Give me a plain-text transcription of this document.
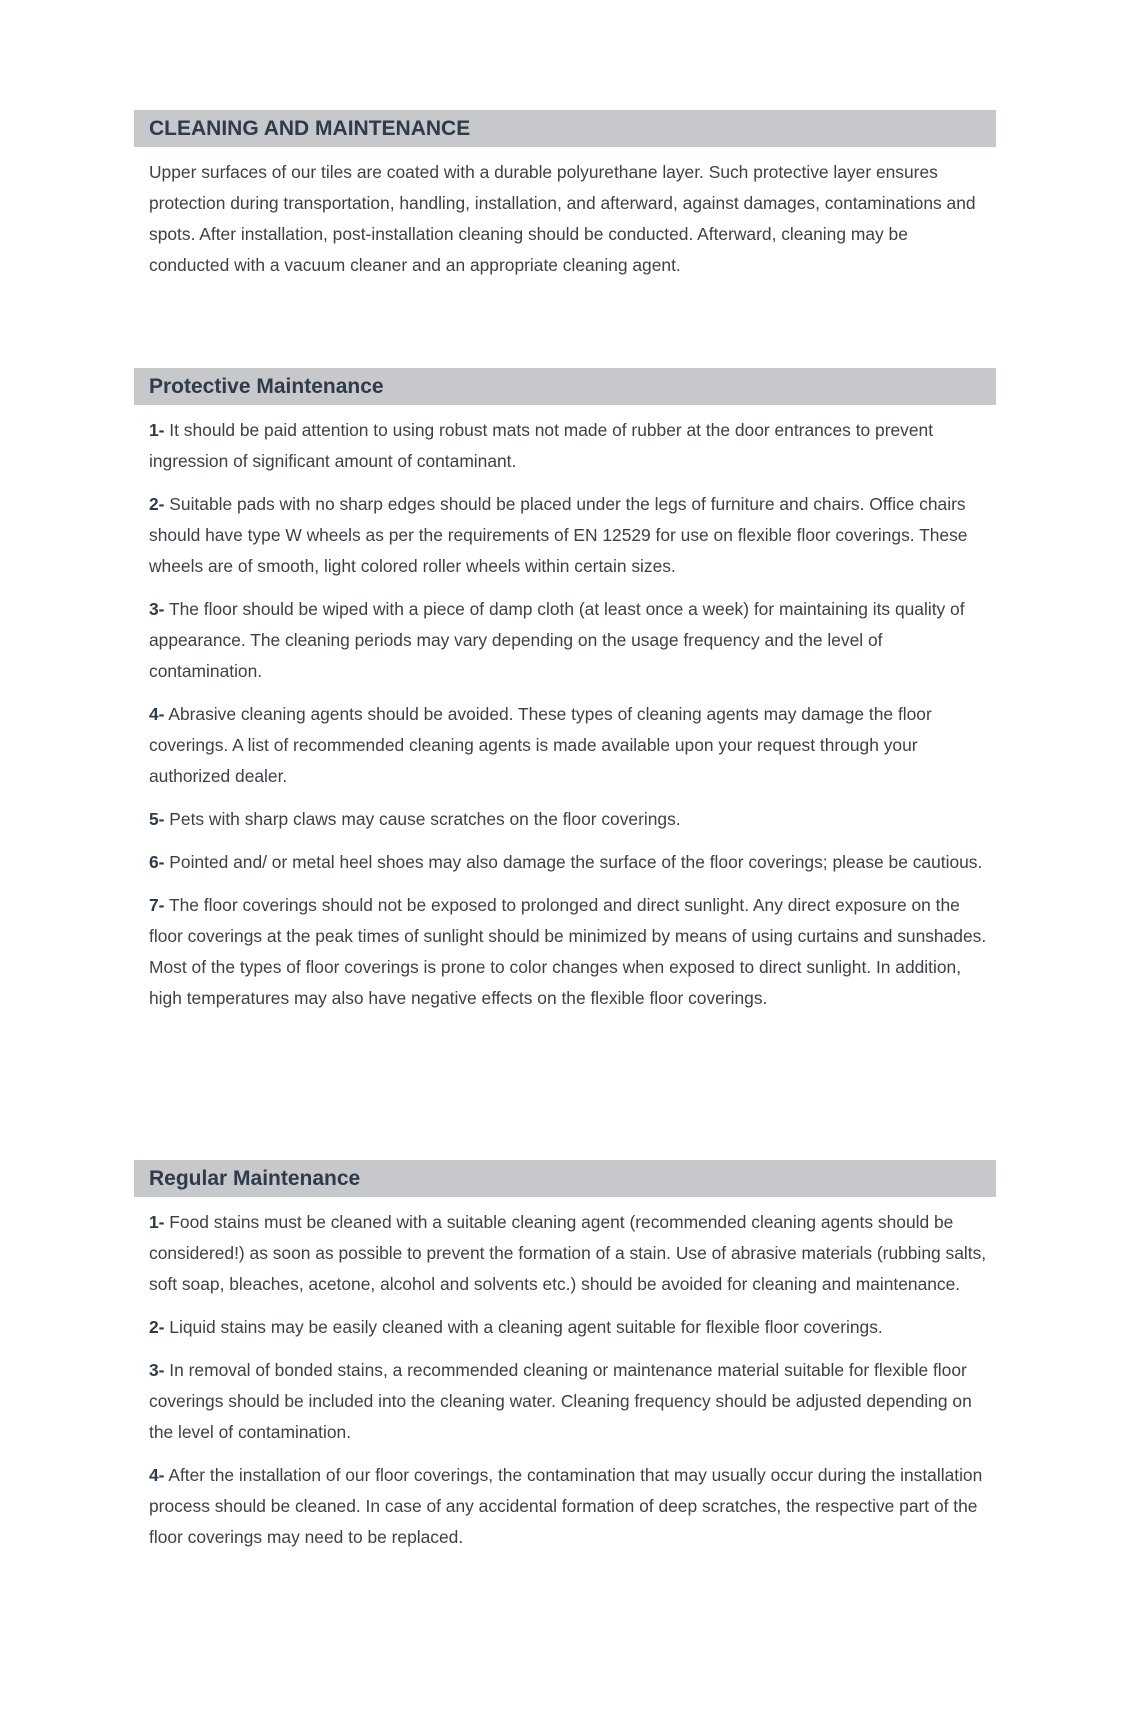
CLEANING AND MAINTENANCE

Upper surfaces of our tiles are coated with a durable polyurethane layer. Such protective layer ensures protection during transportation, handling, installation, and afterward, against damages, contaminations and spots. After installation, post-installation cleaning should be conducted. Afterward, cleaning may be conducted with a vacuum cleaner and an appropriate cleaning agent.

Protective Maintenance

1- It should be paid attention to using robust mats not made of rubber at the door entrances to prevent ingression of significant amount of contaminant.

2- Suitable pads with no sharp edges should be placed under the legs of furniture and chairs. Office chairs should have type W wheels as per the requirements of EN 12529 for use on flexible floor coverings. These wheels are of smooth, light colored roller wheels within certain sizes.

3- The floor should be wiped with a piece of damp cloth (at least once a week) for maintaining its quality of appearance. The cleaning periods may vary depending on the usage frequency and the level of contamination.

4- Abrasive cleaning agents should be avoided. These types of cleaning agents may damage the floor coverings. A list of recommended cleaning agents is made available upon your request through your authorized dealer.

5- Pets with sharp claws may cause scratches on the floor coverings.

6- Pointed and/ or metal heel shoes may also damage the surface of the floor coverings; please be cautious.

7- The floor coverings should not be exposed to prolonged and direct sunlight. Any direct exposure on the floor coverings at the peak times of sunlight should be minimized by means of using curtains and sunshades. Most of the types of floor coverings is prone to color changes when exposed to direct sunlight. In addition, high temperatures may also have negative effects on the flexible floor coverings.

Regular Maintenance

1- Food stains must be cleaned with a suitable cleaning agent (recommended cleaning agents should be considered!) as soon as possible to prevent the formation of a stain. Use of abrasive materials (rubbing salts, soft soap, bleaches, acetone, alcohol and solvents etc.) should be avoided for cleaning and maintenance.

2- Liquid stains may be easily cleaned with a cleaning agent suitable for flexible floor coverings.

3- In removal of bonded stains, a recommended cleaning or maintenance material suitable for flexible floor coverings should be included into the cleaning water. Cleaning frequency should be adjusted depending on the level of contamination.

4- After the installation of our floor coverings, the contamination that may usually occur during the installation process should be cleaned. In case of any accidental formation of deep scratches, the respective part of the floor coverings may need to be replaced.
